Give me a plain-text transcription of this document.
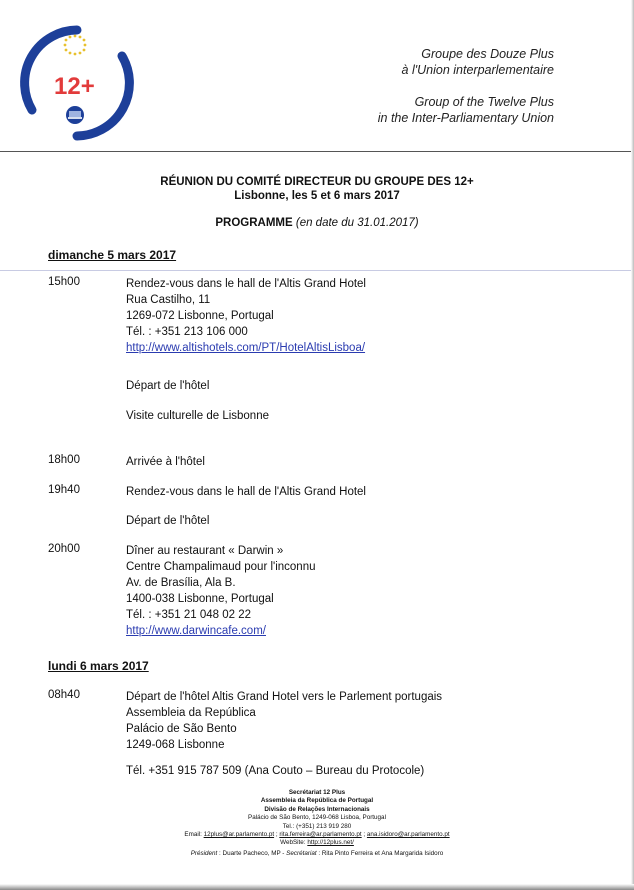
12+
Groupe des Douze Plus
à l'Union interparlementaire
Group of the Twelve Plus
in the Inter-Parliamentary Union
RÉUNION DU COMITÉ DIRECTEUR DU GROUPE DES 12+
Lisbonne, les 5 et 6 mars 2017
PROGRAMME (en date du 31.01.2017)
dimanche 5 mars 2017
15h00	Rendez-vous dans le hall de l'Altis Grand Hotel
Rua Castilho, 11
1269-072 Lisbonne, Portugal
Tél. : +351 213 106 000
http://www.altishotels.com/PT/HotelAltisLisboa/
Départ de l'hôtel
Visite culturelle de Lisbonne
18h00	Arrivée à l'hôtel
19h40	Rendez-vous dans le hall de l'Altis Grand Hotel
Départ de l'hôtel
20h00	Dîner au restaurant « Darwin »
Centre Champalimaud pour l'inconnu
Av. de Brasília, Ala B.
1400-038 Lisbonne, Portugal
Tél. : +351 21 048 02 22
http://www.darwincafe.com/
lundi 6 mars 2017
08h40	Départ de l'hôtel Altis Grand Hotel vers le Parlement portugais
Assembleia da República
Palácio de São Bento
1249-068 Lisbonne
Tél. +351 915 787 509 (Ana Couto – Bureau du Protocole)
Secrétariat 12 Plus
Assembleia da República de Portugal
Divisão de Relações Internacionais
Palácio de São Bento, 1249-068 Lisboa, Portugal
Tel.: (+351) 213 919 280
Email: 12plus@ar.parlamento.pt ; rita.ferreira@ar.parlamento.pt ; ana.isidoro@ar.parlamento.pt
WebSite: http://12plus.net/
Président : Duarte Pacheco, MP - Secrétariat : Rita Pinto Ferreira et Ana Margarida Isidoro
